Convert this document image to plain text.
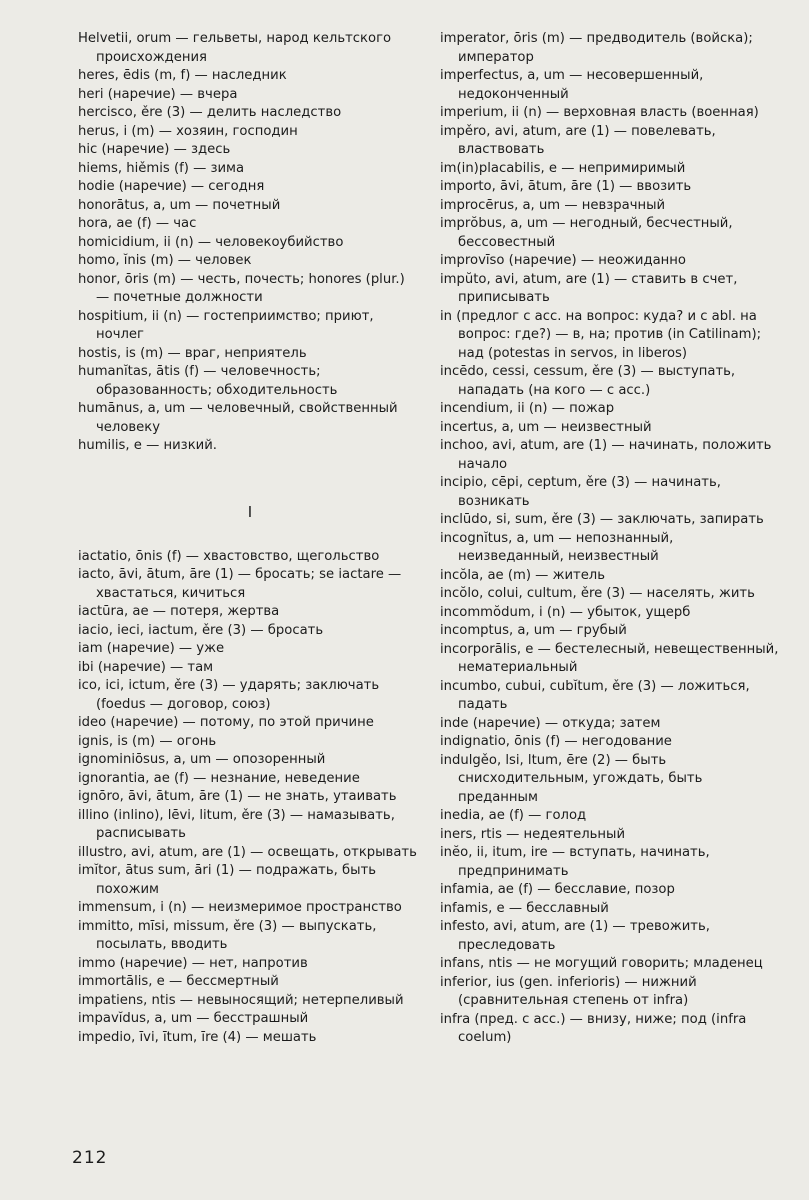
Helvetii, orum — гельветы, народ кельтского происхождения

heres, ēdis (m, f) — наследник

heri (наречие) — вчера

hercisco, ěre (3) — делить наследство

herus, i (m) — хозяин, господин

hic (наречие) — здесь

hiems, hiěmis (f) — зима

hodie (наречие) — сегодня

honorātus, a, um — почетный

hora, ae (f) — час

homicidium, ii (n) — человекоубийство

homo, ĭnis (m) — человек

honor, ōris (m) — честь, почесть; honores (plur.) — почетные должности

hospitium, ii (n) — гостеприимство; приют, ночлег

hostis, is (m) — враг, неприятель

humanĭtas, ātis (f) — человечность; образованность; обходительность

humānus, a, um — человечный, свойственный человеку

humilis, e — низкий.

I

iactatio, ōnis (f) — хвастовство, щегольство

iacto, āvi, ātum, āre (1) — бросать; se iactare — хвастаться, кичиться

iactūra, ae — потеря, жертва

iacio, ieci, iactum, ěre (3) — бросать

iam (наречие) — уже

ibi (наречие) — там

ico, ici, ictum, ěre (3) — ударять; заключать (foedus — договор, союз)

ideo (наречие) — потому, по этой причине

ignis, is (m) — огонь

ignominiōsus, a, um — опозоренный

ignorantia, ae (f) — незнание, неведение

ignōro, āvi, ātum, āre (1) — не знать, утаивать

illino (inlino), lēvi, litum, ěre (3) — намазывать, расписывать

illustro, avi, atum, are (1) — освещать, открывать

imĭtor, ātus sum, āri (1) — подражать, быть похожим

immensum, i (n) — неизмеримое пространство

immitto, mīsi, missum, ěre (3) — выпускать, посылать, вводить

immo (наречие) — нет, напротив

immortālis, e — бессмертный

impatiens, ntis — невыносящий; нетерпеливый

impavĭdus, a, um — бесстрашный

impedio, īvi, ītum, īre (4) — мешать

imperator, ōris (m) — предводитель (войска); император

imperfectus, a, um — несовершенный, недоконченный

imperium, ii (n) — верховная власть (военная)

impěro, avi, atum, are (1) — повелевать, властвовать

im(in)placabilis, e — непримиримый

importo, āvi, ātum, āre (1) — ввозить

improcērus, a, um — невзрачный

imprŏbus, a, um — негодный, бесчестный, бессовестный

improvīso (наречие) — неожиданно

impŭto, avi, atum, are (1) — ставить в счет, приписывать

in (предлог с acc. на вопрос: куда? и с abl. на вопрос: где?) — в, на; против (in Catilinam); над (potestas in servos, in liberos)

incēdo, cessi, cessum, ěre (3) — выступать, нападать (на кого — с acc.)

incendium, ii (n) — пожар

incertus, a, um — неизвестный

inchoo, avi, atum, are (1) — начинать, положить начало

incipio, cēpi, ceptum, ěre (3) — начинать, возникать

inclūdo, si, sum, ěre (3) — заключать, запирать

incognĭtus, a, um — непознанный, неизведанный, неизвестный

incŏla, ae (m) — житель

incŏlo, colui, cultum, ěre (3) — населять, жить

incommŏdum, i (n) — убыток, ущерб

incomptus, a, um — грубый

incorporālis, e — бестелесный, невещественный, нематериальный

incumbo, cubui, cubĭtum, ěre (3) — ложиться, падать

inde (наречие) — откуда; затем

indignatio, ōnis (f) — негодование

indulgěo, lsi, ltum, ēre (2) — быть снисходительным, угождать, быть преданным

inedia, ae (f) — голод

iners, rtis — недеятельный

inĕo, ii, itum, ire — вступать, начинать, предпринимать

infamia, ae (f) — бесславие, позор

infamis, e — бесславный

infesto, avi, atum, are (1) — тревожить, преследовать

infans, ntis — не могущий говорить; младенец

inferior, ius (gen. inferioris) — нижний (сравнительная степень от infra)

infra (пред. с acc.) — внизу, ниже; под (infra coelum)

212
